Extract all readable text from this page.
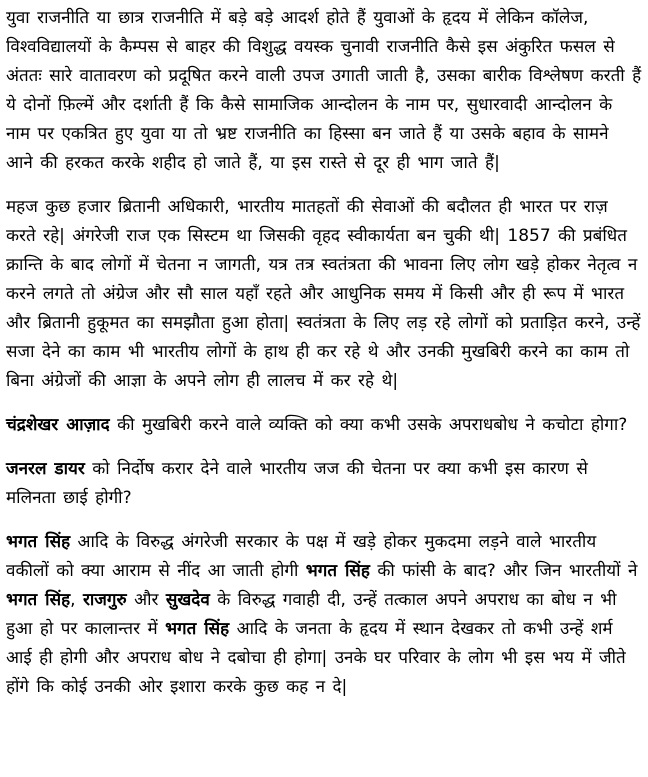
युवा राजनीति या छात्र राजनीति में बड़े बड़े आदर्श होते हैं युवाओं के हृदय में लेकिन कॉलेज, विश्वविद्यालयों के कैम्पस से बाहर की विशुद्ध वयस्क चुनावी राजनीति कैसे इस अंकुरित फसल से अंततः सारे वातावरण को प्रदूषित करने वाली उपज उगाती जाती है, उसका बारीक विश्लेषण करती हैं ये दोनों फ़िल्में और दर्शाती हैं कि कैसे सामाजिक आन्दोलन के नाम पर, सुधारवादी आन्दोलन के नाम पर एकत्रित हुए युवा या तो भ्रष्ट राजनीति का हिस्सा बन जाते हैं या उसके बहाव के सामने आने की हरकत करके शहीद हो जाते हैं, या इस रास्ते से दूर ही भाग जाते हैं|

महज कुछ हजार ब्रितानी अधिकारी, भारतीय मातहतों की सेवाओं की बदौलत ही भारत पर राज़ करते रहे| अंगरेजी राज एक सिस्टम था जिसकी वृहद स्वीकार्यता बन चुकी थी| 1857 की प्रबंधित क्रान्ति के बाद लोगों में चेतना न जागती, यत्र तत्र स्वतंत्रता की भावना लिए लोग खड़े होकर नेतृत्व न करने लगते तो अंग्रेज और सौ साल यहाँ रहते और आधुनिक समय में किसी और ही रूप में भारत और ब्रितानी हुकूमत का समझौता हुआ होता| स्वतंत्रता के लिए लड़ रहे लोगों को प्रताड़ित करने, उन्हें सजा देने का काम भी भारतीय लोगों के हाथ ही कर रहे थे और उनकी मुखबिरी करने का काम तो बिना अंग्रेजों की आज्ञा के अपने लोग ही लालच में कर रहे थे|

चंद्रशेखर आज़ाद की मुखबिरी करने वाले व्यक्ति को क्या कभी उसके अपराधबोध ने कचोटा होगा?

जनरल डायर को निर्दोष करार देने वाले भारतीय जज की चेतना पर क्या कभी इस कारण से मलिनता छाई होगी?

भगत सिंह आदि के विरुद्ध अंगरेजी सरकार के पक्ष में खड़े होकर मुकदमा लड़ने वाले भारतीय वकीलों को क्या आराम से नींद आ जाती होगी भगत सिंह की फांसी के बाद? और जिन भारतीयों ने भगत सिंह, राजगुरु और सुखदेव के विरुद्ध गवाही दी, उन्हें तत्काल अपने अपराध का बोध न भी हुआ हो पर कालान्तर में भगत सिंह आदि के जनता के हृदय में स्थान देखकर तो कभी उन्हें शर्म आई ही होगी और अपराध बोध ने दबोचा ही होगा| उनके घर परिवार के लोग भी इस भय में जीते होंगे कि कोई उनकी ओर इशारा करके कुछ कह न दे|
